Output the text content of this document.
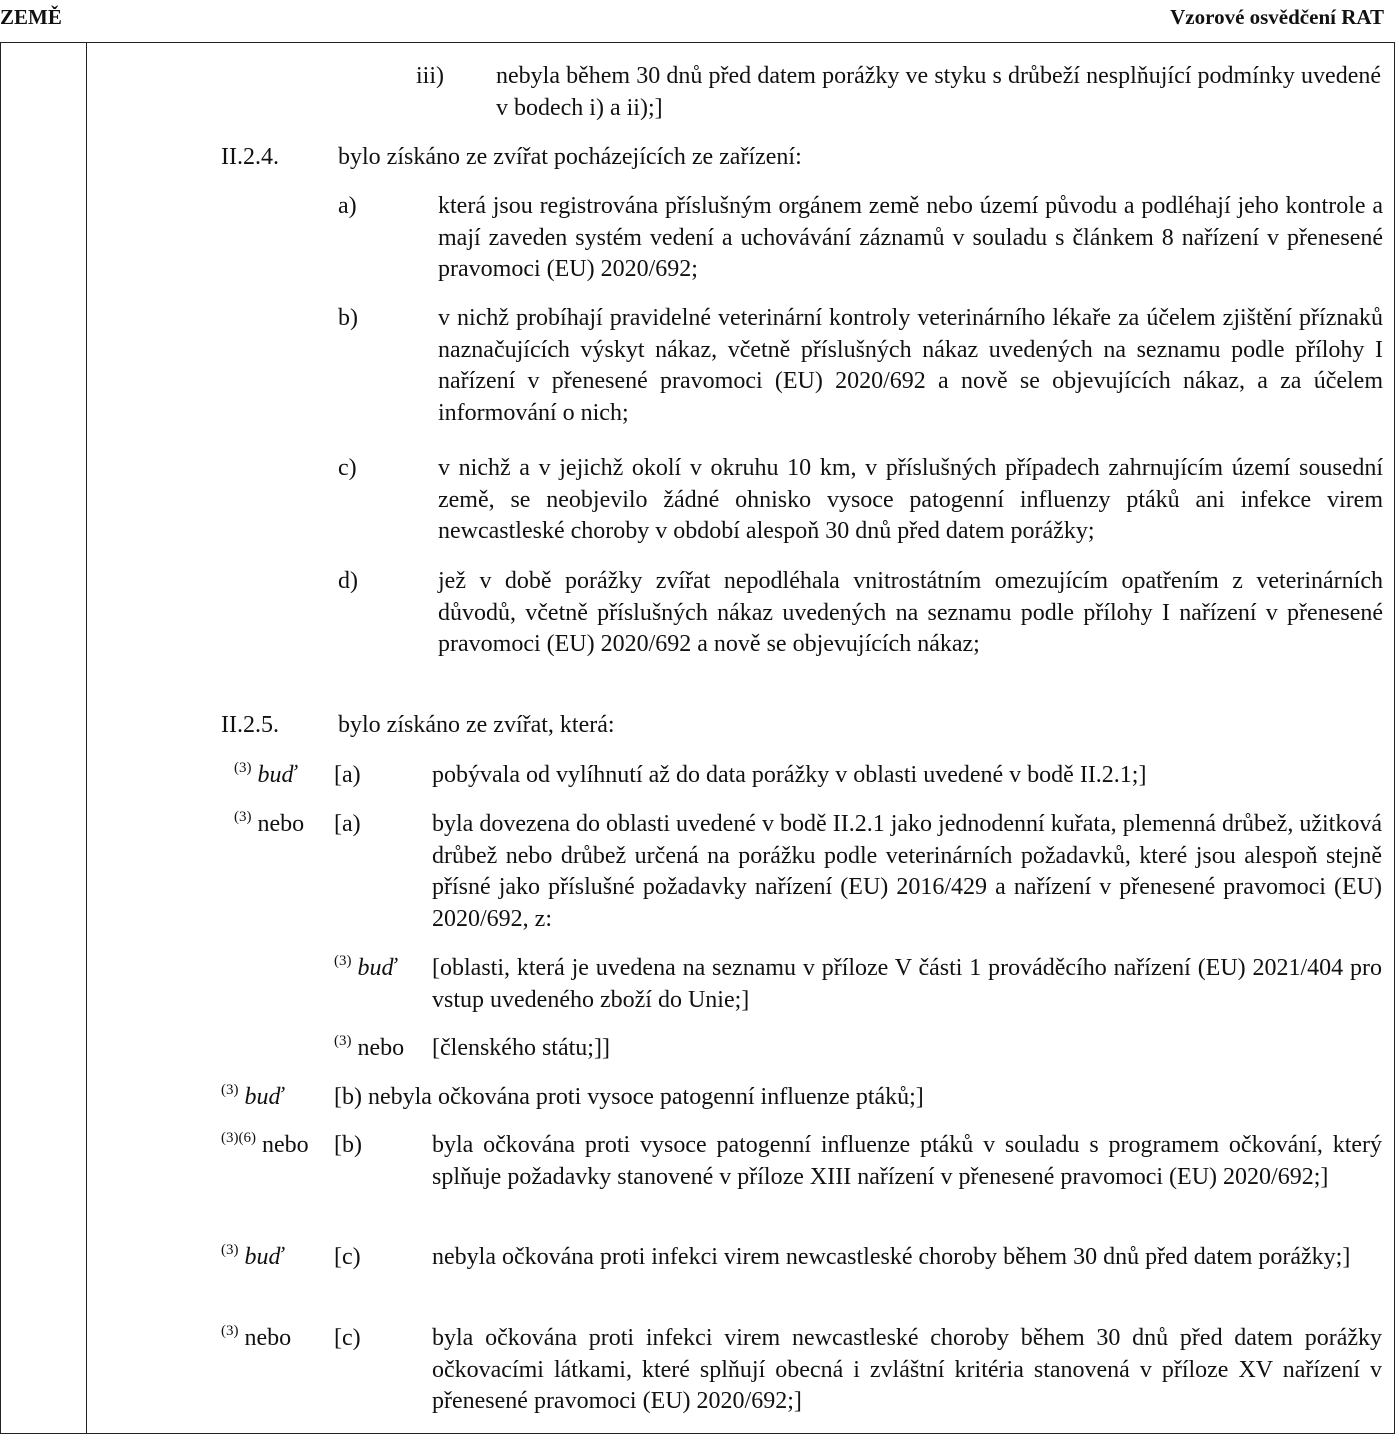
ZEMĚ	Vzorové osvědčení RAT
iii) nebyla během 30 dnů před datem porážky ve styku s drůbeží nesplňující podmínky uvedené v bodech i) a ii);]
II.2.4. bylo získáno ze zvířat pocházejících ze zařízení:
a)	která jsou registrována příslušným orgánem země nebo území původu a podléhají jeho kontrole a mají zaveden systém vedení a uchovávání záznamů v souladu s článkem 8 nařízení v přenesené pravomoci (EU) 2020/692;
b)	v nichž probíhají pravidelné veterinární kontroly veterinárního lékaře za účelem zjištění příznaků naznačujících výskyt nákaz, včetně příslušných nákaz uvedených na seznamu podle přílohy I nařízení v přenesené pravomoci (EU) 2020/692 a nově se objevujících nákaz, a za účelem informování o nich;
c)	v nichž a v jejichž okolí v okruhu 10 km, v příslušných případech zahrnujícím území sousední země, se neobjevilo žádné ohnisko vysoce patogenní influenzy ptáků ani infekce virem newcastleské choroby v období alespoň 30 dnů před datem porážky;
d)	jež v době porážky zvířat nepodléhala vnitrostátním omezujícím opatřením z veterinárních důvodů, včetně příslušných nákaz uvedených na seznamu podle přílohy I nařízení v přenesené pravomoci (EU) 2020/692 a nově se objevujících nákaz;
II.2.5. bylo získáno ze zvířat, která:
$^{(3)}$ buď [a)	pobývala od vylíhnutí až do data porážky v oblasti uvedené v bodě II.2.1;]
$^{(3)}$ nebo [a)	byla dovezena do oblasti uvedené v bodě II.2.1 jako jednodenní kuřata, plemenná drůbež, užitková drůbež nebo drůbež určená na porážku podle veterinárních požadavků, které jsou alespoň stejně přísné jako příslušné požadavky nařízení (EU) 2016/429 a nařízení v přenesené pravomoci (EU) 2020/692, z:
$^{(3)}$ buď [oblasti, která je uvedena na seznamu v příloze V části 1 prováděcího nařízení (EU) 2021/404 pro vstup uvedeného zboží do Unie;]
$^{(3)}$ nebo [členského státu;]]
$^{(3)}$ buď [b) nebyla očkována proti vysoce patogenní influenze ptáků;]
$^{(3)(6)}$ nebo [b)	byla očkována proti vysoce patogenní influenze ptáků v souladu s programem očkování, který splňuje požadavky stanovené v příloze XIII nařízení v přenesené pravomoci (EU) 2020/692;]
$^{(3)}$ buď [c)	nebyla očkována proti infekci virem newcastleské choroby během 30 dnů před datem porážky;]
$^{(3)}$ nebo [c)	byla očkována proti infekci virem newcastleské choroby během 30 dnů před datem porážky očkovacími látkami, které splňují obecná i zvláštní kritéria stanovená v příloze XV nařízení v přenesené pravomoci (EU) 2020/692;]
